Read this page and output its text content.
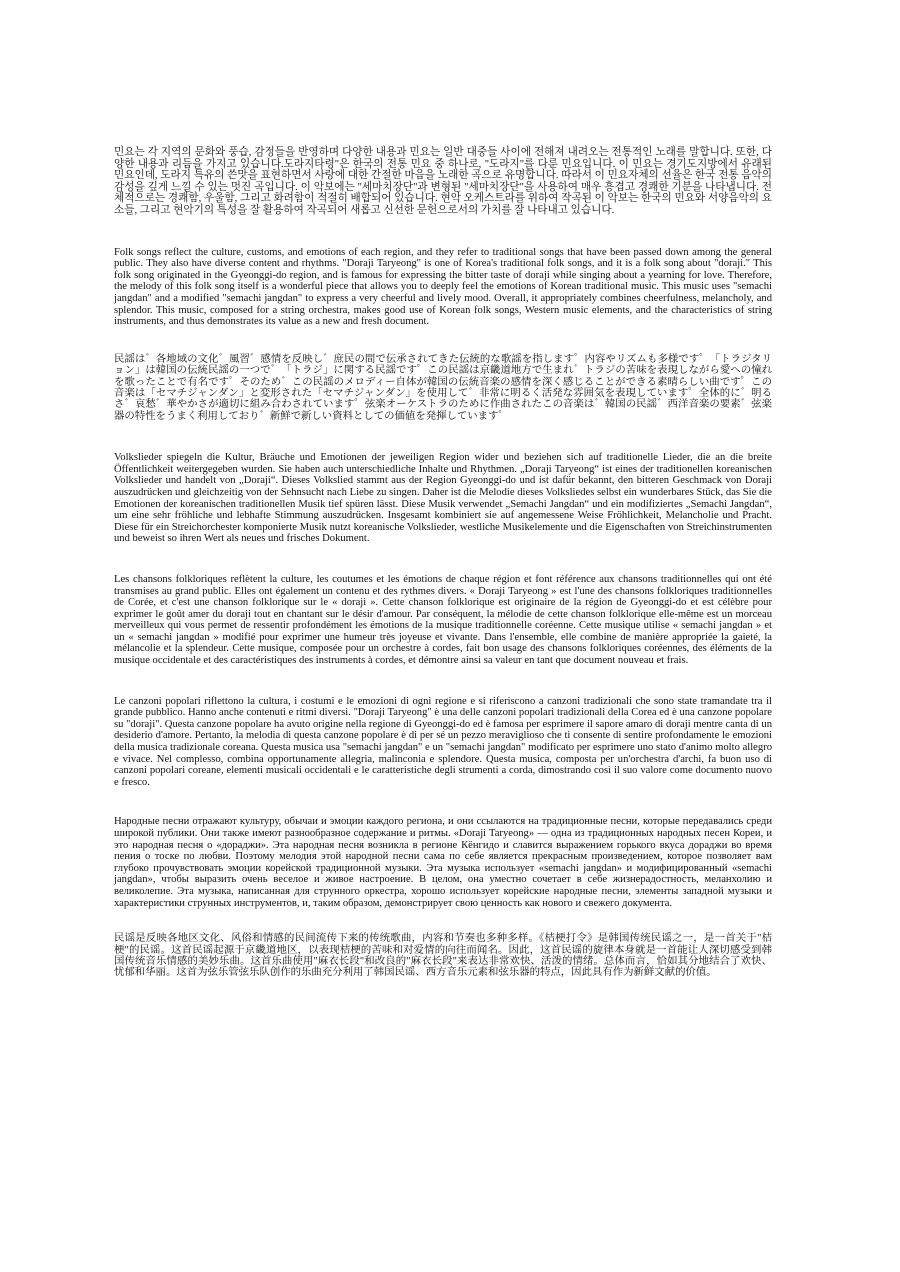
민요는 각 지역의 문화와 풍습, 감정들을 반영하며 다양한 내용과 민요는 일반 대중들 사이에 전해져 내려오는 전통적인 노래를 말합니다. 또한, 다양한 내용과 리듬을 가지고 있습니다.도라지타령"은 한국의 전통 민요 중 하나로, "도라지"를 다룬 민요입니다. 이 민요는 경기도지방에서 유래된 민요인데, 도라지 특유의 쓴맛을 표현하면서 사랑에 대한 간절한 마음을 노래한 곡으로 유명합니다. 따라서 이 민요자체의 선율은 한국 전통 음악의 감성을 깊게 느낄 수 있는 멋진 곡입니다. 이 악보에는 "세마치장단"과 변형된 "세마치장단"을 사용하여 매우 흥겹고 경쾌한 기분을 나타냅니다. 전체적으로는 경쾌함, 우울함, 그리고 화려함이 적절히 배합되어 있습니다. 현악 오케스트라를 위하여 작곡된 이 악보는 한국의 민요와 서양음악의 요소들, 그리고 현악기의 특성을 잘 활용하여 작곡되어 새롭고 신선한 문헌으로서의 가치를 잘 나타내고 있습니다.

Folk songs reflect the culture, customs, and emotions of each region, and they refer to traditional songs that have been passed down among the general public. They also have diverse content and rhythms. "Doraji Taryeong" is one of Korea's traditional folk songs, and it is a folk song about "doraji." This folk song originated in the Gyeonggi-do region, and is famous for expressing the bitter taste of doraji while singing about a yearning for love. Therefore, the melody of this folk song itself is a wonderful piece that allows you to deeply feel the emotions of Korean traditional music. This music uses "semachi jangdan" and a modified "semachi jangdan" to express a very cheerful and lively mood. Overall, it appropriately combines cheerfulness, melancholy, and splendor. This music, composed for a string orchestra, makes good use of Korean folk songs, Western music elements, and the characteristics of string instruments, and thus demonstrates its value as a new and fresh document.

民謡は゛各地域の文化゛風習゛感情を反映し゛庶民の間で伝承されてきた伝統的な歌謡を指します゜内容やリズムも多様です゜「トラジタリョン」は韓国の伝統民謡の一つで゛「トラジ」に関する民謡です゜この民謡は京畿道地方で生まれ゛トラジの苦味を表現しながら愛への憧れを歌ったことで有名です゜そのため゛この民謡のメロディー自体が韓国の伝統音楽の感情を深く感じることができる素晴らしい曲です゜この音楽は「セマチジャンダン」と変形された「セマチジャンダン」を使用して゛非常に明るく活発な雰囲気を表現しています゜全体的に゛明るさ゛哀愁゛華やかさが適切に組み合わされています゜弦楽オーケストラのために作曲されたこの音楽は゛韓国の民謡゛西洋音楽の要素゛弦楽器の特性をうまく利用しており゛新鮮で新しい資料としての価値を発揮しています゜

Volkslieder spiegeln die Kultur, Bräuche und Emotionen der jeweiligen Region wider und beziehen sich auf traditionelle Lieder, die an die breite Öffentlichkeit weitergegeben wurden. Sie haben auch unterschiedliche Inhalte und Rhythmen. „Doraji Taryeong“ ist eines der traditionellen koreanischen Volkslieder und handelt von „Doraji“. Dieses Volkslied stammt aus der Region Gyeonggi-do und ist dafür bekannt, den bitteren Geschmack von Doraji auszudrücken und gleichzeitig von der Sehnsucht nach Liebe zu singen. Daher ist die Melodie dieses Volksliedes selbst ein wunderbares Stück, das Sie die Emotionen der koreanischen traditionellen Musik tief spüren lässt. Diese Musik verwendet „Semachi Jangdan“ und ein modifiziertes „Semachi Jangdan“, um eine sehr fröhliche und lebhafte Stimmung auszudrücken. Insgesamt kombiniert sie auf angemessene Weise Fröhlichkeit, Melancholie und Pracht. Diese für ein Streichorchester komponierte Musik nutzt koreanische Volkslieder, westliche Musikelemente und die Eigenschaften von Streichinstrumenten und beweist so ihren Wert als neues und frisches Dokument.

Les chansons folkloriques reflètent la culture, les coutumes et les émotions de chaque région et font référence aux chansons traditionnelles qui ont été transmises au grand public. Elles ont également un contenu et des rythmes divers. « Doraji Taryeong » est l'une des chansons folkloriques traditionnelles de Corée, et c'est une chanson folklorique sur le « doraji ». Cette chanson folklorique est originaire de la région de Gyeonggi-do et est célèbre pour exprimer le goût amer du doraji tout en chantant sur le désir d'amour. Par conséquent, la mélodie de cette chanson folklorique elle-même est un morceau merveilleux qui vous permet de ressentir profondément les émotions de la musique traditionnelle coréenne. Cette musique utilise « semachi jangdan » et un « semachi jangdan » modifié pour exprimer une humeur très joyeuse et vivante. Dans l'ensemble, elle combine de manière appropriée la gaieté, la mélancolie et la splendeur. Cette musique, composée pour un orchestre à cordes, fait bon usage des chansons folkloriques coréennes, des éléments de la musique occidentale et des caractéristiques des instruments à cordes, et démontre ainsi sa valeur en tant que document nouveau et frais.

Le canzoni popolari riflettono la cultura, i costumi e le emozioni di ogni regione e si riferiscono a canzoni tradizionali che sono state tramandate tra il grande pubblico. Hanno anche contenuti e ritmi diversi. "Doraji Taryeong" è una delle canzoni popolari tradizionali della Corea ed è una canzone popolare su "doraji". Questa canzone popolare ha avuto origine nella regione di Gyeonggi-do ed è famosa per esprimere il sapore amaro di doraji mentre canta di un desiderio d'amore. Pertanto, la melodia di questa canzone popolare è di per sé un pezzo meraviglioso che ti consente di sentire profondamente le emozioni della musica tradizionale coreana. Questa musica usa "semachi jangdan" e un "semachi jangdan" modificato per esprimere uno stato d'animo molto allegro e vivace. Nel complesso, combina opportunamente allegria, malinconia e splendore. Questa musica, composta per un'orchestra d'archi, fa buon uso di canzoni popolari coreane, elementi musicali occidentali e le caratteristiche degli strumenti a corda, dimostrando così il suo valore come documento nuovo e fresco.

Народные песни отражают культуру, обычаи и эмоции каждого региона, и они ссылаются на традиционные песни, которые передавались среди широкой публики. Они также имеют разнообразное содержание и ритмы. «Doraji Taryeong» — одна из традиционных народных песен Кореи, и это народная песня о «дораджи». Эта народная песня возникла в регионе Кёнгидо и славится выражением горького вкуса дораджи во время пения о тоске по любви. Поэтому мелодия этой народной песни сама по себе является прекрасным произведением, которое позволяет вам глубоко прочувствовать эмоции корейской традиционной музыки. Эта музыка использует «semachi jangdan» и модифицированный «semachi jangdan», чтобы выразить очень веселое и живое настроение. В целом, она уместно сочетает в себе жизнерадостность, меланхолию и великолепие. Эта музыка, написанная для струнного оркестра, хорошо использует корейские народные песни, элементы западной музыки и характеристики струнных инструментов, и, таким образом, демонстрирует свою ценность как нового и свежего документа.

民谣是反映各地区文化、风俗和情感的民间流传下来的传统歌曲，内容和节奏也多种多样。《桔梗打令》是韩国传统民谣之一，是一首关于"桔梗"的民谣。这首民谣起源于京畿道地区，以表现桔梗的苦味和对爱情的向往而闻名。因此，这首民谣的旋律本身就是一首能让人深切感受到韩国传统音乐情感的美妙乐曲。这首乐曲使用"麻衣长段"和改良的"麻衣长段"来表达非常欢快、活泼的情绪。总体而言，恰如其分地结合了欢快、忧郁和华丽。这首为弦乐管弦乐队创作的乐曲充分利用了韩国民谣、西方音乐元素和弦乐器的特点，因此具有作为新鲜文献的价值。
